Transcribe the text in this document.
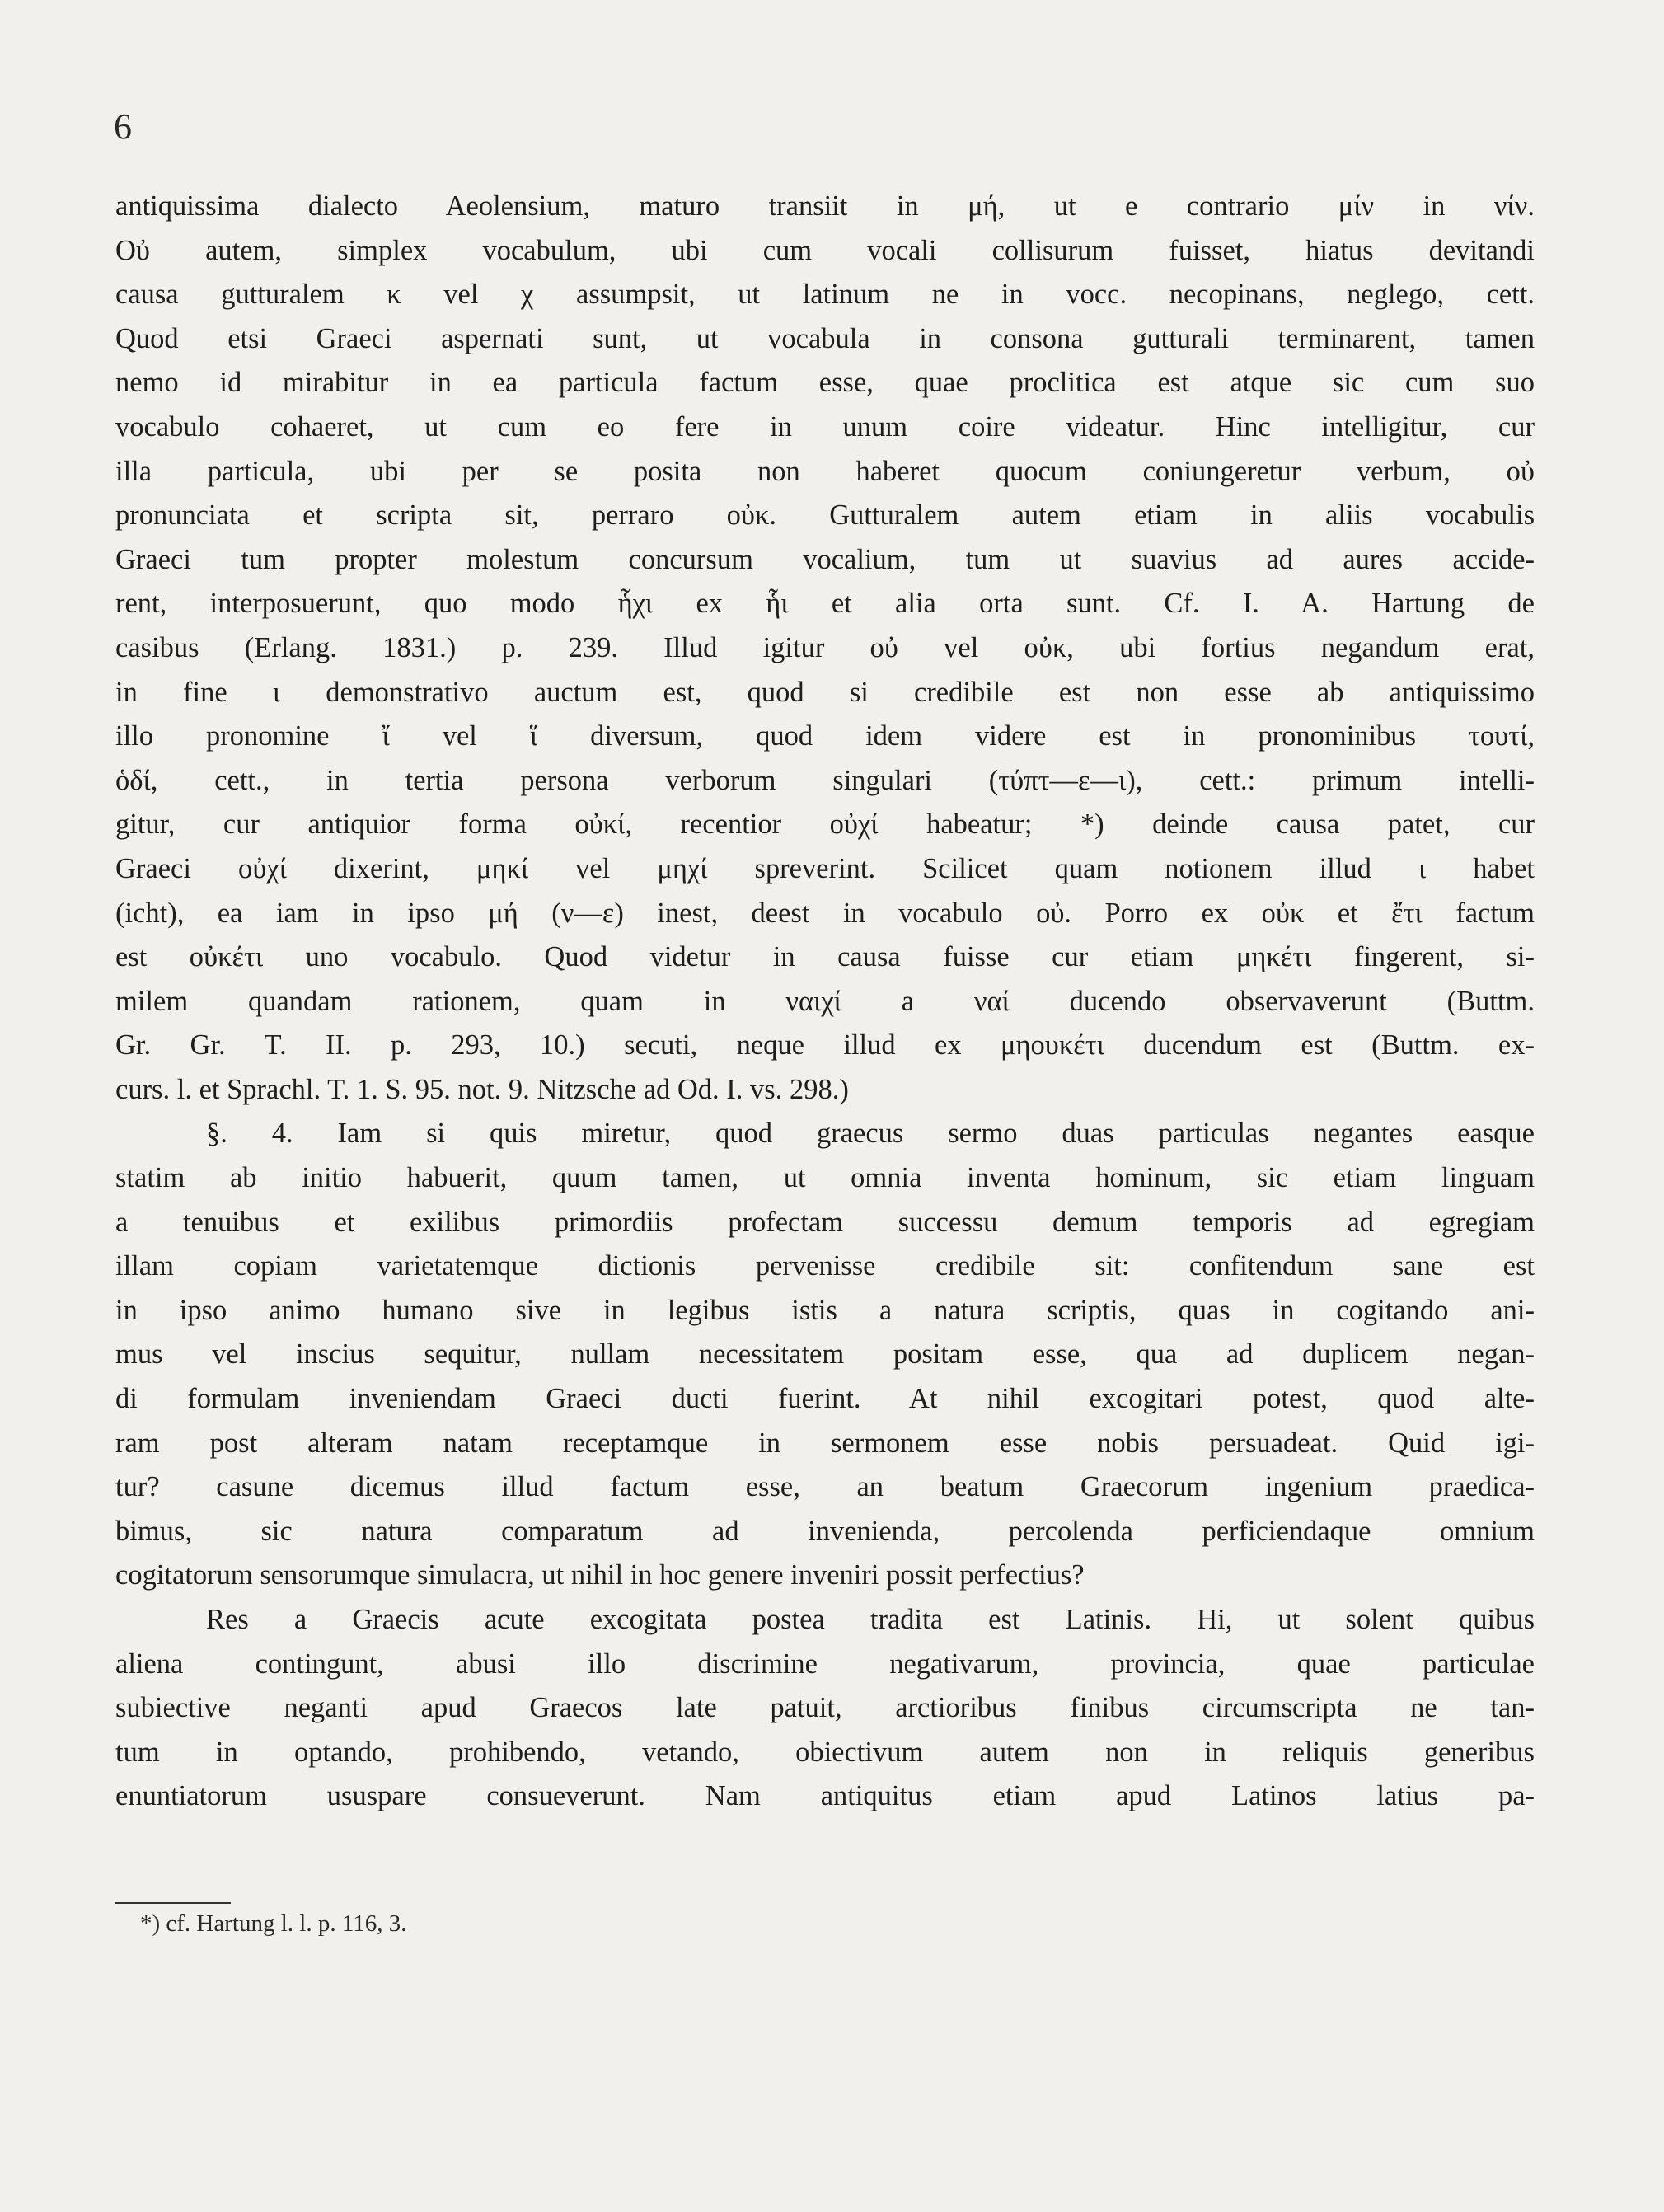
6
antiquissima dialecto Aeolensium, maturo transiit in μή, ut e contrario μίν in νίν.
Οὐ autem, simplex vocabulum, ubi cum vocali collisurum fuisset, hiatus devitandi
causa gutturalem κ vel χ assumpsit, ut latinum ne in vocc. necopinans, neglego, cett.
Quod etsi Graeci aspernati sunt, ut vocabula in consona gutturali terminarent, tamen
nemo id mirabitur in ea particula factum esse, quae proclitica est atque sic cum suo
vocabulo cohaeret, ut cum eo fere in unum coire videatur. Hinc intelligitur, cur
illa particula, ubi per se posita non haberet quocum coniungeretur verbum, οὐ
pronunciata et scripta sit, perraro οὐκ. Gutturalem autem etiam in aliis vocabulis
Graeci tum propter molestum concursum vocalium, tum ut suavius ad aures accide-
rent, interposuerunt, quo modo ἧχι ex ἧι et alia orta sunt. Cf. I. A. Hartung de
casibus (Erlang. 1831.) p. 239. Illud igitur οὐ vel οὐκ, ubi fortius negandum erat,
in fine ι demonstrativo auctum est, quod si credibile est non esse ab antiquissimo
illo pronomine ἴ vel ἵ diversum, quod idem videre est in pronominibus τουτί,
ὁδί, cett., in tertia persona verborum singulari (τύπτ—ε—ι), cett.: primum intelli-
gitur, cur antiquior forma οὐκί, recentior οὐχί habeatur; *) deinde causa patet, cur
Graeci οὐχί dixerint, μηκί vel μηχί spreverint. Scilicet quam notionem illud ι habet
(icht), ea iam in ipso μή (ν—ε) inest, deest in vocabulo οὐ. Porro ex οὐκ et ἔτι factum
est οὐκέτι uno vocabulo. Quod videtur in causa fuisse cur etiam μηκέτι fingerent, si-
milem quandam rationem, quam in ναιχί a ναί ducendo observaverunt (Buttm.
Gr. Gr. T. II. p. 293, 10.) secuti, neque illud ex μηουκέτι ducendum est (Buttm. ex-
curs. l. et Sprachl. T. 1. S. 95. not. 9. Nitzsche ad Od. I. vs. 298.)
§. 4. Iam si quis miretur, quod graecus sermo duas particulas negantes easque
statim ab initio habuerit, quum tamen, ut omnia inventa hominum, sic etiam linguam
a tenuibus et exilibus primordiis profectam successu demum temporis ad egregiam
illam copiam varietatemque dictionis pervenisse credibile sit: confitendum sane est
in ipso animo humano sive in legibus istis a natura scriptis, quas in cogitando ani-
mus vel inscius sequitur, nullam necessitatem positam esse, qua ad duplicem negan-
di formulam inveniendam Graeci ducti fuerint. At nihil excogitari potest, quod alte-
ram post alteram natam receptamque in sermonem esse nobis persuadeat. Quid igi-
tur? casune dicemus illud factum esse, an beatum Graecorum ingenium praedica-
bimus, sic natura comparatum ad invenienda, percolenda perficiendaque omnium
cogitatorum sensorumque simulacra, ut nihil in hoc genere inveniri possit perfectius?
Res a Graecis acute excogitata postea tradita est Latinis. Hi, ut solent quibus
aliena contingunt, abusi illo discrimine negativarum, provincia, quae particulae
subiective neganti apud Graecos late patuit, arctioribus finibus circumscripta ne tan-
tum in optando, prohibendo, vetando, obiectivum autem non in reliquis generibus
enuntiatorum ususpare consueverunt. Nam antiquitus etiam apud Latinos latius pa-
*) cf. Hartung l. l. p. 116, 3.
